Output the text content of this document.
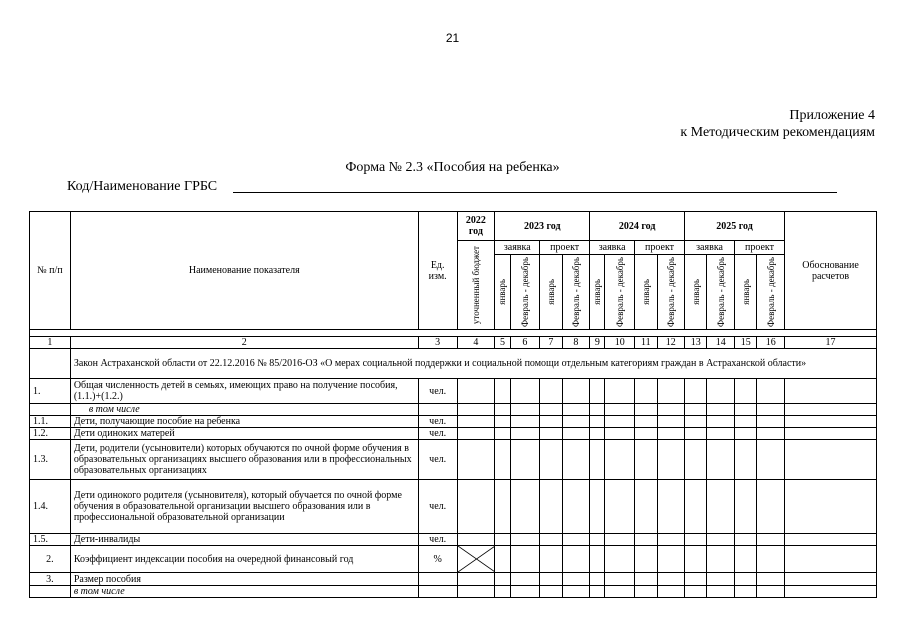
21
Приложение 4
к Методическим рекомендациям
Форма № 2.3 «Пособия на ребенка»
Код/Наименование ГРБС
№ п/п	Наименование показателя	Ед. изм.	2022 год	2023 год				2024 год				2025 год				Обоснование расчетов

			уточненный бюджет	заявка		проект		заявка		проект		заявка		проект		

				январь	Февраль - декабрь	январь	Февраль - декабрь	январь	Февраль - декабрь	январь	Февраль - декабрь	январь	Февраль - декабрь	январь	Февраль - декабрь	

1	2	3	4	5	6	7	8	9	10	11	12	13	14	15	16	17
	Закон Астраханской области от 22.12.2016 № 85/2016-ОЗ «О мерах социальной поддержки и социальной помощи отдельным категориям граждан в Астраханской области»															
1.	Общая численность детей в семьях, имеющих право на получение пособия, (1.1.)+(1.2.)	чел.														
	в том числе															
1.1.	Дети, получающие пособие на ребенка	чел.														
1.2.	Дети одиноких матерей	чел.														
1.3.	Дети, родители (усыновители) которых обучаются по очной форме обучения в образовательных организациях высшего образования или в профессиональных образовательных организациях	чел.														
1.4.	Дети одинокого родителя (усыновителя), который обучается по очной форме обучения в образовательной организации высшего образования или в профессиональной образовательной организации	чел.														
1.5.	Дети-инвалиды	чел.														
2.	Коэффициент индексации пособия на очередной финансовый год	%	

3.	Размер пособия															
	в том числе															
